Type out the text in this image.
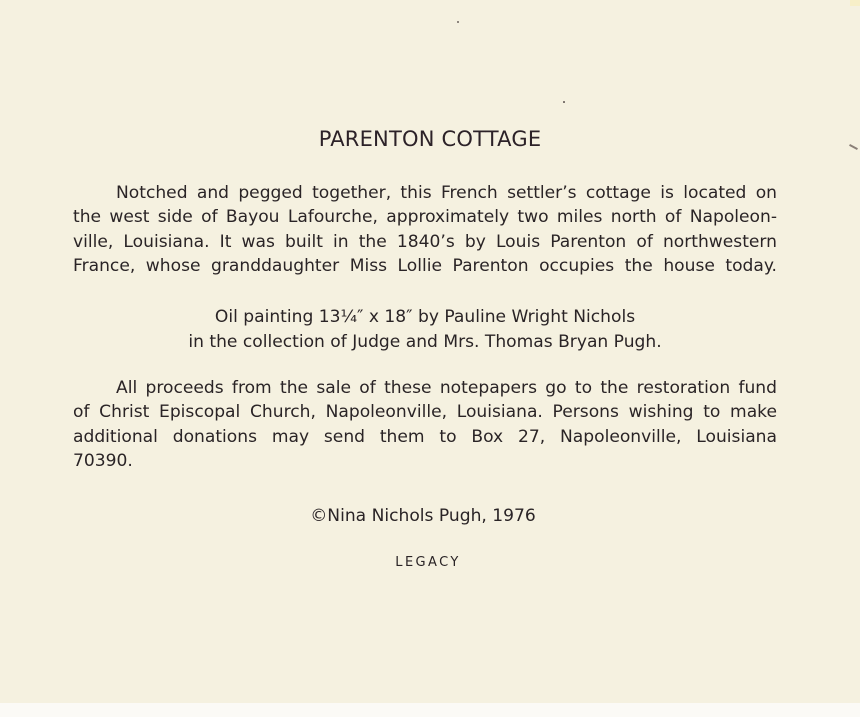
PARENTON COTTAGE
Notched and pegged together, this French settler’s cottage is located on
the west side of Bayou Lafourche, approximately two miles north of Napoleon-
ville, Louisiana. It was built in the 1840’s by Louis Parenton of northwestern
France, whose granddaughter Miss Lollie Parenton occupies the house today.
Oil painting 13¼″ x 18″ by Pauline Wright Nichols
in the collection of Judge and Mrs. Thomas Bryan Pugh.
All proceeds from the sale of these notepapers go to the restoration fund
of Christ Episcopal Church, Napoleonville, Louisiana. Persons wishing to make
additional donations may send them to Box 27, Napoleonville, Louisiana
70390.
©Nina Nichols Pugh, 1976
LEGACY
